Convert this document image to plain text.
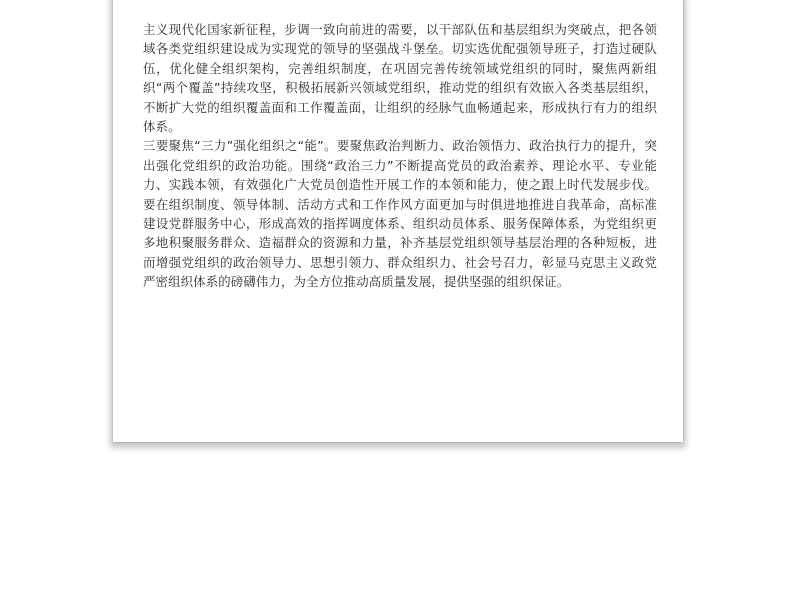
主义现代化国家新征程，步调一致向前进的需要，以干部队伍和基层组织为突破点，把各领域各类党组织建设成为实现党的领导的坚强战斗堡垒。切实选优配强领导班子，打造过硬队伍，优化健全组织架构，完善组织制度，在巩固完善传统领域党组织的同时，聚焦两新组织“两个覆盖”持续攻坚，积极拓展新兴领域党组织，推动党的组织有效嵌入各类基层组织，不断扩大党的组织覆盖面和工作覆盖面，让组织的经脉气血畅通起来，形成执行有力的组织体系。

三要聚焦“三力”强化组织之“能”。要聚焦政治判断力、政治领悟力、政治执行力的提升，突出强化党组织的政治功能。围绕“政治三力”不断提高党员的政治素养、理论水平、专业能力、实践本领，有效强化广大党员创造性开展工作的本领和能力，使之跟上时代发展步伐。要在组织制度、领导体制、活动方式和工作作风方面更加与时俱进地推进自我革命，高标准建设党群服务中心，形成高效的指挥调度体系、组织动员体系、服务保障体系，为党组织更多地积聚服务群众、造福群众的资源和力量，补齐基层党组织领导基层治理的各种短板，进而增强党组织的政治领导力、思想引领力、群众组织力、社会号召力，彰显马克思主义政党严密组织体系的磅礴伟力，为全方位推动高质量发展，提供坚强的组织保证。
